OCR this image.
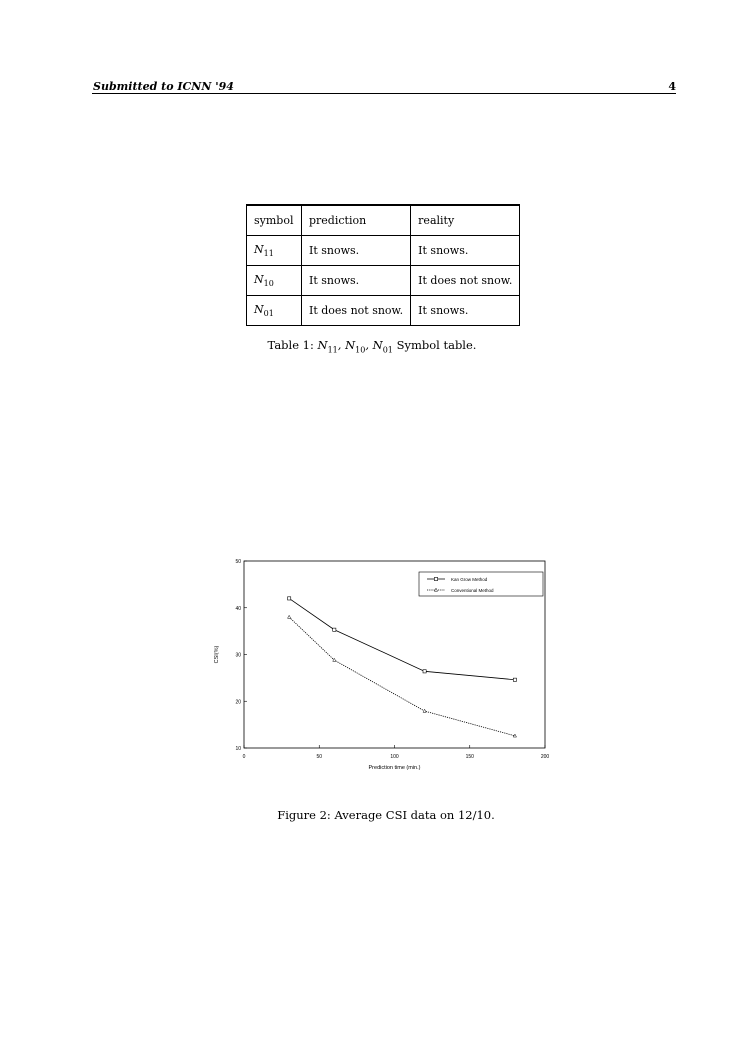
Submitted to ICNN '94	4
symbol	prediction	reality
$N_{11}$	It snows.	It snows.
$N_{10}$	It snows.	It does not snow.
$N_{01}$	It does not snow.	It snows.
Table 1: $N_{11}$, $N_{10}$, $N_{01}$ Symbol table.
0	50	100	150	200
10
20
30
40
50
Prediction time (min.)
CSI(%)
Kan Grow Method
Conventional Method
Figure 2: Average CSI data on 12/10.
